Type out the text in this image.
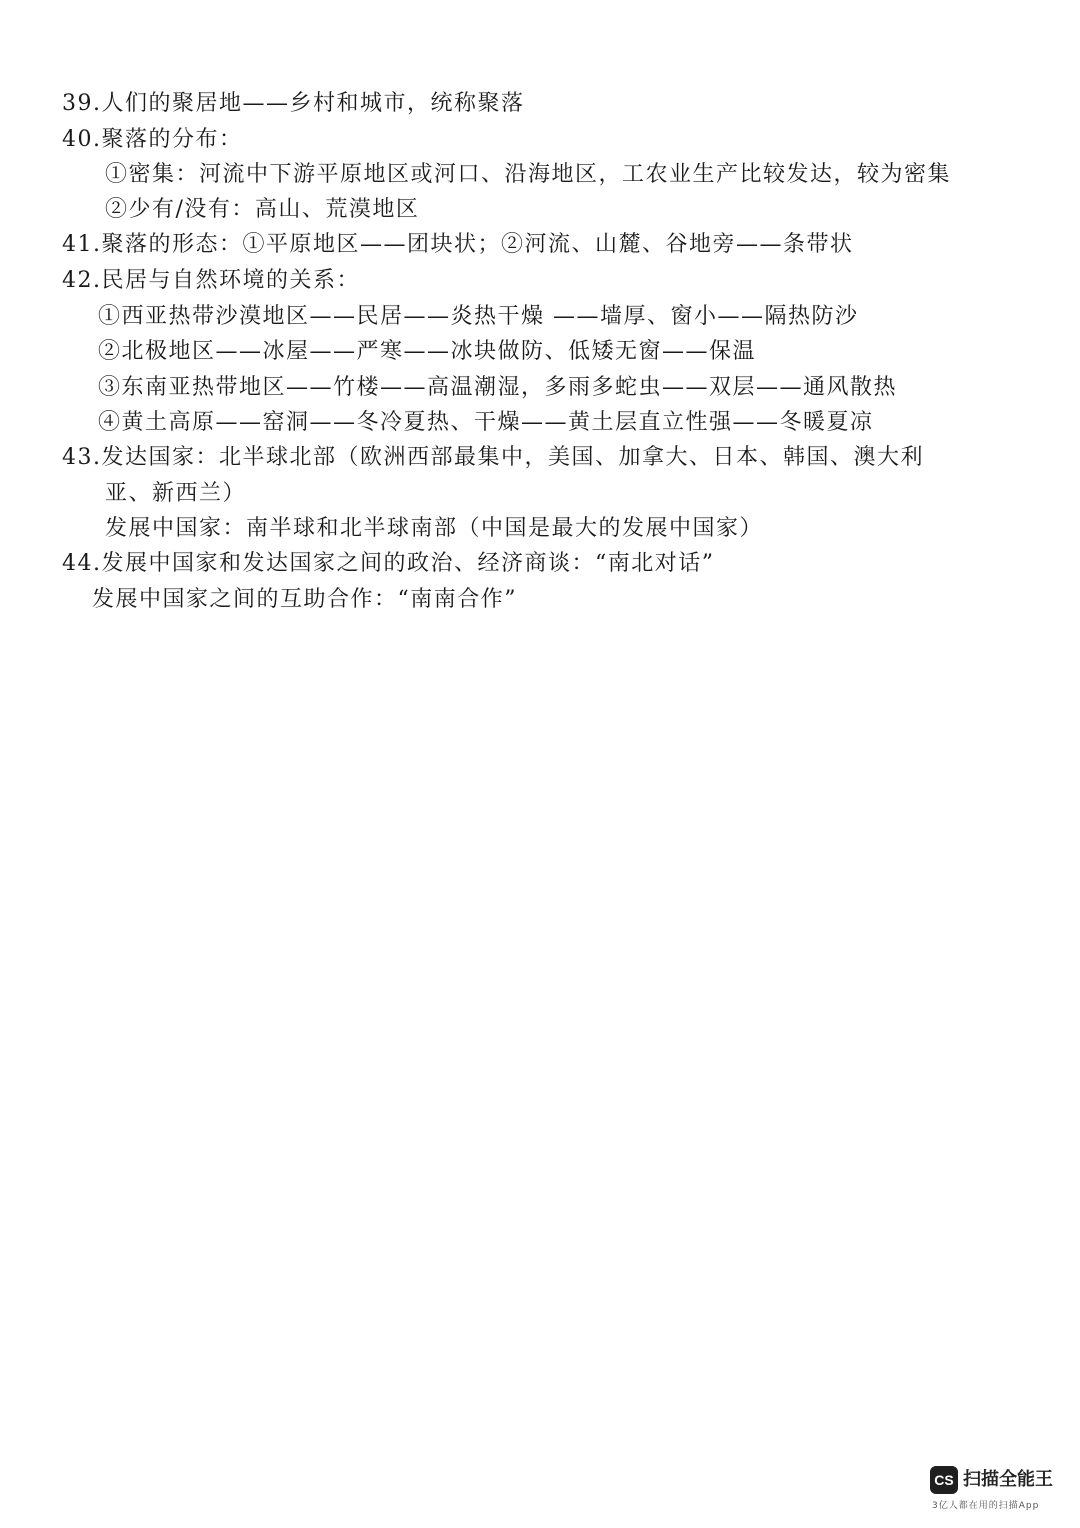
39.人们的聚居地——乡村和城市，统称聚落
40.聚落的分布：
①密集：河流中下游平原地区或河口、沿海地区，工农业生产比较发达，较为密集
②少有/没有：高山、荒漠地区
41.聚落的形态：①平原地区——团块状；②河流、山麓、谷地旁——条带状
42.民居与自然环境的关系：
①西亚热带沙漠地区——民居——炎热干燥 ——墙厚、窗小——隔热防沙
②北极地区——冰屋——严寒——冰块做防、低矮无窗——保温
③东南亚热带地区——竹楼——高温潮湿，多雨多蛇虫——双层——通风散热
④黄土高原——窑洞——冬冷夏热、干燥——黄土层直立性强——冬暖夏凉
43.发达国家：北半球北部（欧洲西部最集中，美国、加拿大、日本、韩国、澳大利
亚、新西兰）
发展中国家：南半球和北半球南部（中国是最大的发展中国家）
44.发展中国家和发达国家之间的政治、经济商谈：“南北对话”
发展中国家之间的互助合作：“南南合作”
CS 扫描全能王
3亿人都在用的扫描App
